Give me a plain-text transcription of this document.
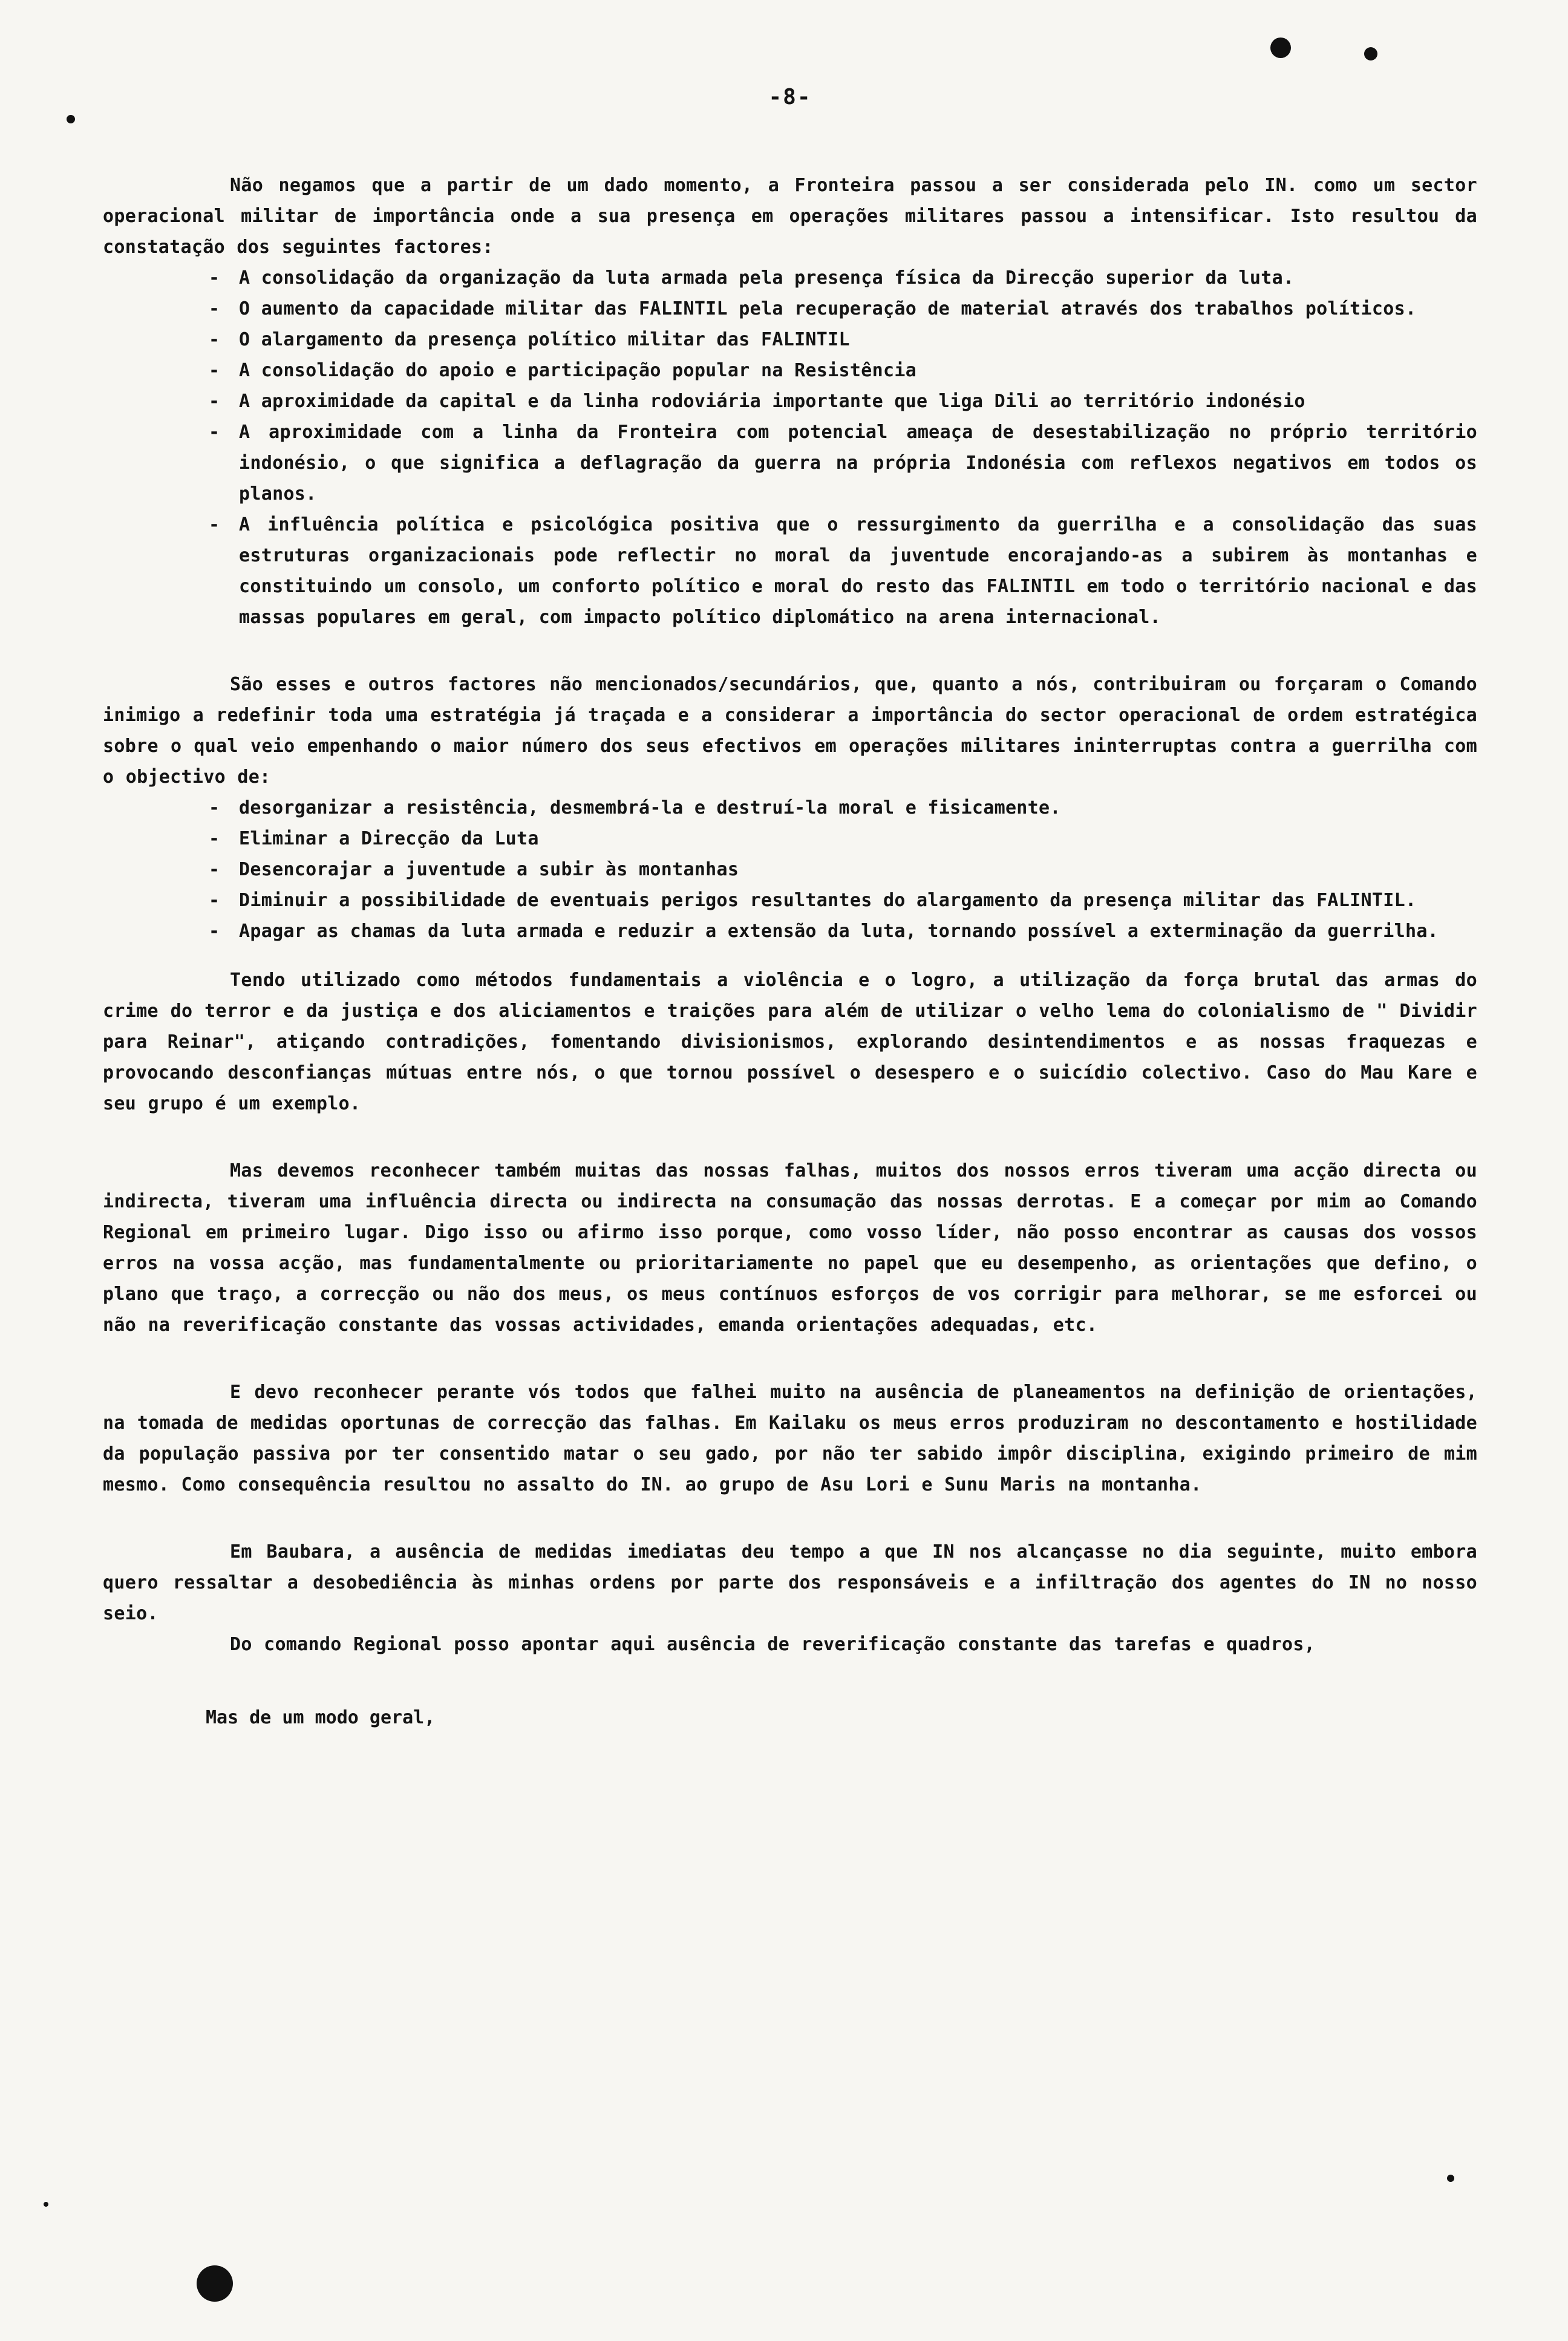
-8-

Não negamos que a partir de um dado momento, a Fronteira passou a ser considerada pelo IN. como um sector operacional militar de importância onde a sua presença em operações militares passou a intensificar. Isto resultou da constatação dos seguintes factores:

- A consolidação da organização da luta armada pela presença física da Direcção superior da luta.
- O aumento da capacidade militar das FALINTIL pela recuperação de material através dos trabalhos políticos.
- O alargamento da presença político militar das FALINTIL
- A consolidação do apoio e participação popular na Resistência
- A aproximidade da capital e da linha rodoviária importante que liga Dili ao território indonésio
- A aproximidade com a linha da Fronteira com potencial ameaça de desestabilização no próprio território indonésio, o que significa a deflagração da guerra na própria Indonésia com reflexos negativos em todos os planos.
- A influência política e psicológica positiva que o ressurgimento da guerrilha e a consolidação das suas estruturas organizacionais pode reflectir no moral da juventude encorajando-as a subirem às montanhas e constituindo um consolo, um conforto político e moral do resto das FALINTIL em todo o território nacional e das massas populares em geral, com impacto político diplomático na arena internacional.

São esses e outros factores não mencionados/secundários, que, quanto a nós, contribuiram ou forçaram o Comando inimigo a redefinir toda uma estratégia já traçada e a considerar a importância do sector operacional de ordem estratégica sobre o qual veio empenhando o maior número dos seus efectivos em operações militares ininterruptas contra a guerrilha com o objectivo de:

- desorganizar a resistência, desmembrá-la e destruí-la moral e fisicamente.
- Eliminar a Direcção da Luta
- Desencorajar a juventude a subir às montanhas
- Diminuir a possibilidade de eventuais perigos resultantes do alargamento da presença militar das FALINTIL.
- Apagar as chamas da luta armada e reduzir a extensão da luta, tornando possível a exterminação da guerrilha.

Tendo utilizado como métodos fundamentais a violência e o logro, a utilização da força brutal das armas do crime do terror e da justiça e dos aliciamentos e traições para além de utilizar o velho lema do colonialismo de " Dividir para Reinar", atiçando contradições, fomentando divisionismos, explorando desintendimentos e as nossas fraquezas e provocando desconfianças mútuas entre nós, o que tornou possível o desespero e o suicídio colectivo. Caso do Mau Kare e seu grupo é um exemplo.

Mas devemos reconhecer também muitas das nossas falhas, muitos dos nossos erros tiveram uma acção directa ou indirecta, tiveram uma influência directa ou indirecta na consumação das nossas derrotas. E a começar por mim ao Comando Regional em primeiro lugar. Digo isso ou afirmo isso porque, como vosso líder, não posso encontrar as causas dos vossos erros na vossa acção, mas fundamentalmente ou prioritariamente no papel que eu desempenho, as orientações que defino, o plano que traço, a correcção ou não dos meus, os meus contínuos esforços de vos corrigir para melhorar, se me esforcei ou não na reverificação constante das vossas actividades, emanda orientações adequadas, etc.

E devo reconhecer perante vós todos que falhei muito na ausência de planeamentos na definição de orientações, na tomada de medidas oportunas de correcção das falhas. Em Kailaku os meus erros produziram no descontamento e hostilidade da população passiva por ter consentido matar o seu gado, por não ter sabido impôr disciplina, exigindo primeiro de mim mesmo. Como consequência resultou no assalto do IN. ao grupo de Asu Lori e Sunu Maris na montanha.

Em Baubara, a ausência de medidas imediatas deu tempo a que IN nos alcançasse no dia seguinte, muito embora quero ressaltar a desobediência às minhas ordens por parte dos responsáveis e a infiltração dos agentes do IN no nosso seio.

Do comando Regional posso apontar aqui ausência de reverificação constante das tarefas e quadros,

Mas de um modo geral,
